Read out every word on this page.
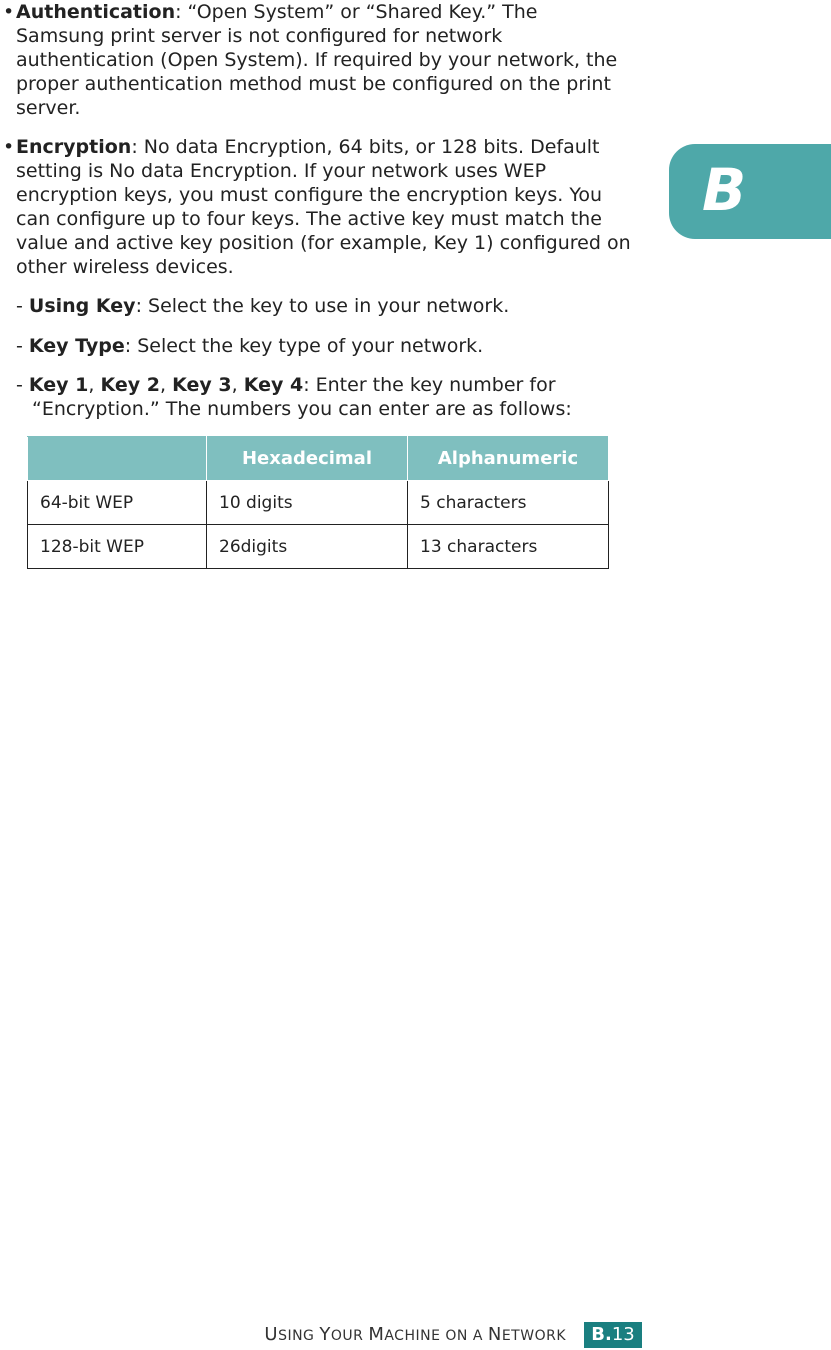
• Authentication: “Open System” or “Shared Key.” The Samsung print server is not configured for network authentication (Open System). If required by your network, the proper authentication method must be configured on the print server.
• Encryption: No data Encryption, 64 bits, or 128 bits. Default setting is No data Encryption. If your network uses WEP encryption keys, you must configure the encryption keys. You can configure up to four keys. The active key must match the value and active key position (for example, Key 1) configured on other wireless devices.

- Using Key: Select the key to use in your network.

- Key Type: Select the key type of your network.

- Key 1, Key 2, Key 3, Key 4: Enter the key number for “Encryption.” The numbers you can enter are as follows:

	Hexadecimal	Alphanumeric
64-bit WEP	10 digits	5 characters
128-bit WEP	26digits	13 characters
B
USING YOUR MACHINE ON A NETWORK	B.13
